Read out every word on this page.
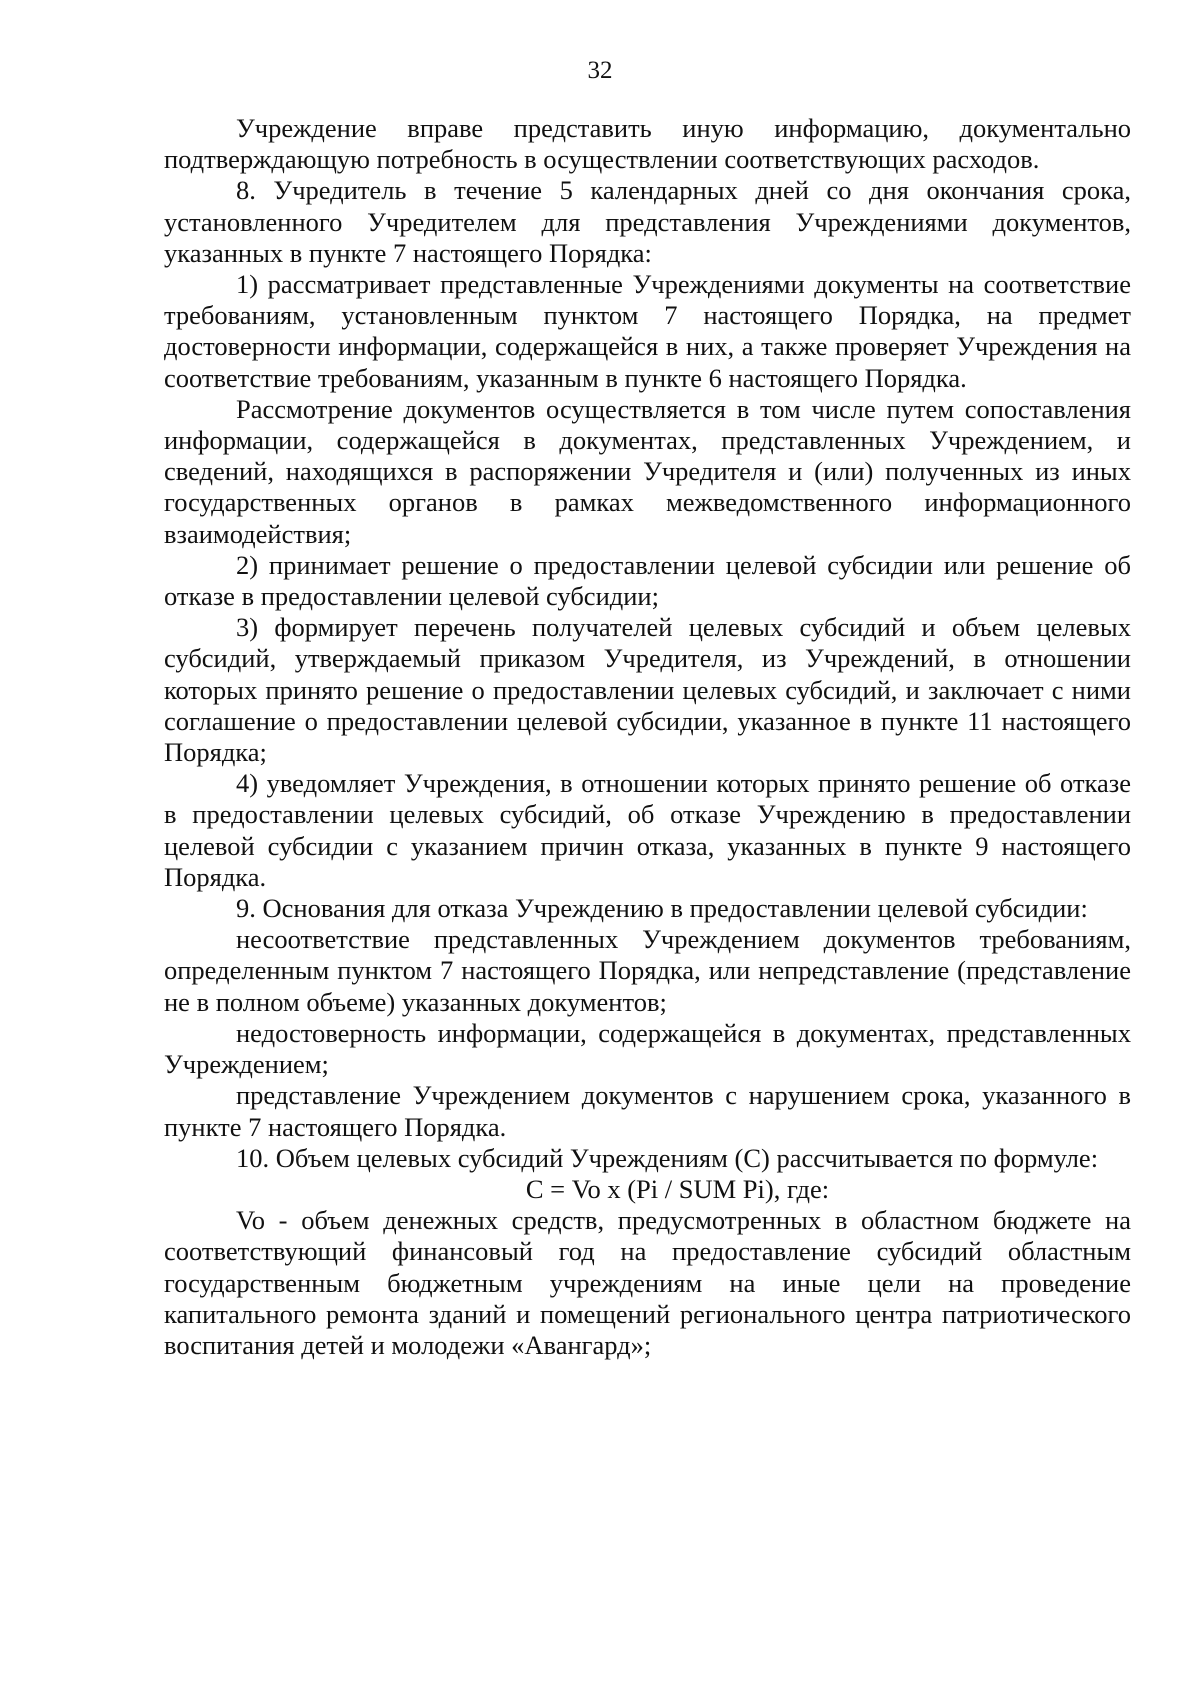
32

Учреждение вправе представить иную информацию, документально подтверждающую потребность в осуществлении соответствующих расходов.

8. Учредитель в течение 5 календарных дней со дня окончания срока, установленного Учредителем для представления Учреждениями документов, указанных в пункте 7 настоящего Порядка:

1) рассматривает представленные Учреждениями документы на соответствие требованиям, установленным пунктом 7 настоящего Порядка, на предмет достоверности информации, содержащейся в них, а также проверяет Учреждения на соответствие требованиям, указанным в пункте 6 настоящего Порядка.

Рассмотрение документов осуществляется в том числе путем сопоставления информации, содержащейся в документах, представленных Учреждением, и сведений, находящихся в распоряжении Учредителя и (или) полученных из иных государственных органов в рамках межведомственного информационного взаимодействия;

2) принимает решение о предоставлении целевой субсидии или решение об отказе в предоставлении целевой субсидии;

3) формирует перечень получателей целевых субсидий и объем целевых субсидий, утверждаемый приказом Учредителя, из Учреждений, в отношении которых принято решение о предоставлении целевых субсидий, и заключает с ними соглашение о предоставлении целевой субсидии, указанное в пункте 11 настоящего Порядка;

4) уведомляет Учреждения, в отношении которых принято решение об отказе в предоставлении целевых субсидий, об отказе Учреждению в предоставлении целевой субсидии с указанием причин отказа, указанных в пункте 9 настоящего Порядка.

9. Основания для отказа Учреждению в предоставлении целевой субсидии:

несоответствие представленных Учреждением документов требованиям, определенным пунктом 7 настоящего Порядка, или непредставление (представление не в полном объеме) указанных документов;

недостоверность информации, содержащейся в документах, представленных Учреждением;

представление Учреждением документов с нарушением срока, указанного в пункте 7 настоящего Порядка.

10. Объем целевых субсидий Учреждениям (С) рассчитывается по формуле:

С = Vo x (Pi / SUM Pi), где:

Vo - объем денежных средств, предусмотренных в областном бюджете на соответствующий финансовый год на предоставление субсидий областным государственным бюджетным учреждениям на иные цели на проведение капитального ремонта зданий и помещений регионального центра патриотического воспитания детей и молодежи «Авангард»;
